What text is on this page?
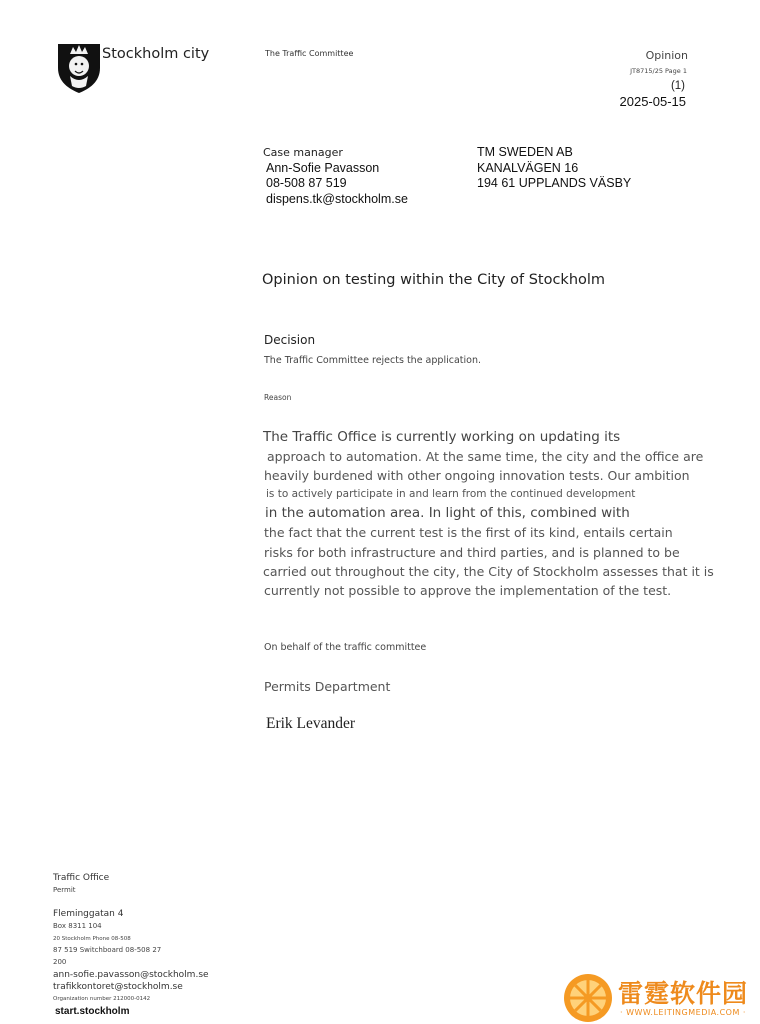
Stockholm city	The Traffic Committee	Opinion
JT8715/25 Page 1
(1)
2025-05-15
Case manager
Ann-Sofie Pavasson
08-508 87 519
dispens.tk@stockholm.se
TM SWEDEN AB
KANALVÄGEN 16
194 61 UPPLANDS VÄSBY
Opinion on testing within the City of Stockholm
Decision
The Traffic Committee rejects the application.
Reason
The Traffic Office is currently working on updating its
approach to automation. At the same time, the city and the office are
heavily burdened with other ongoing innovation tests. Our ambition
is to actively participate in and learn from the continued development
in the automation area. In light of this, combined with
the fact that the current test is the first of its kind, entails certain
risks for both infrastructure and third parties, and is planned to be
carried out throughout the city, the City of Stockholm assesses that it is
currently not possible to approve the implementation of the test.
On behalf of the traffic committee
Permits Department
Erik Levander
Traffic Office
Permit
Fleminggatan 4
Box 8311 104
20 Stockholm Phone 08-508
87 519 Switchboard 08-508 27
200
ann-sofie.pavasson@stockholm.se
trafikkontoret@stockholm.se
Organization number 212000-0142
start.stockholm
雷霆软件园
· WWW.LEITINGMEDIA.COM ·
